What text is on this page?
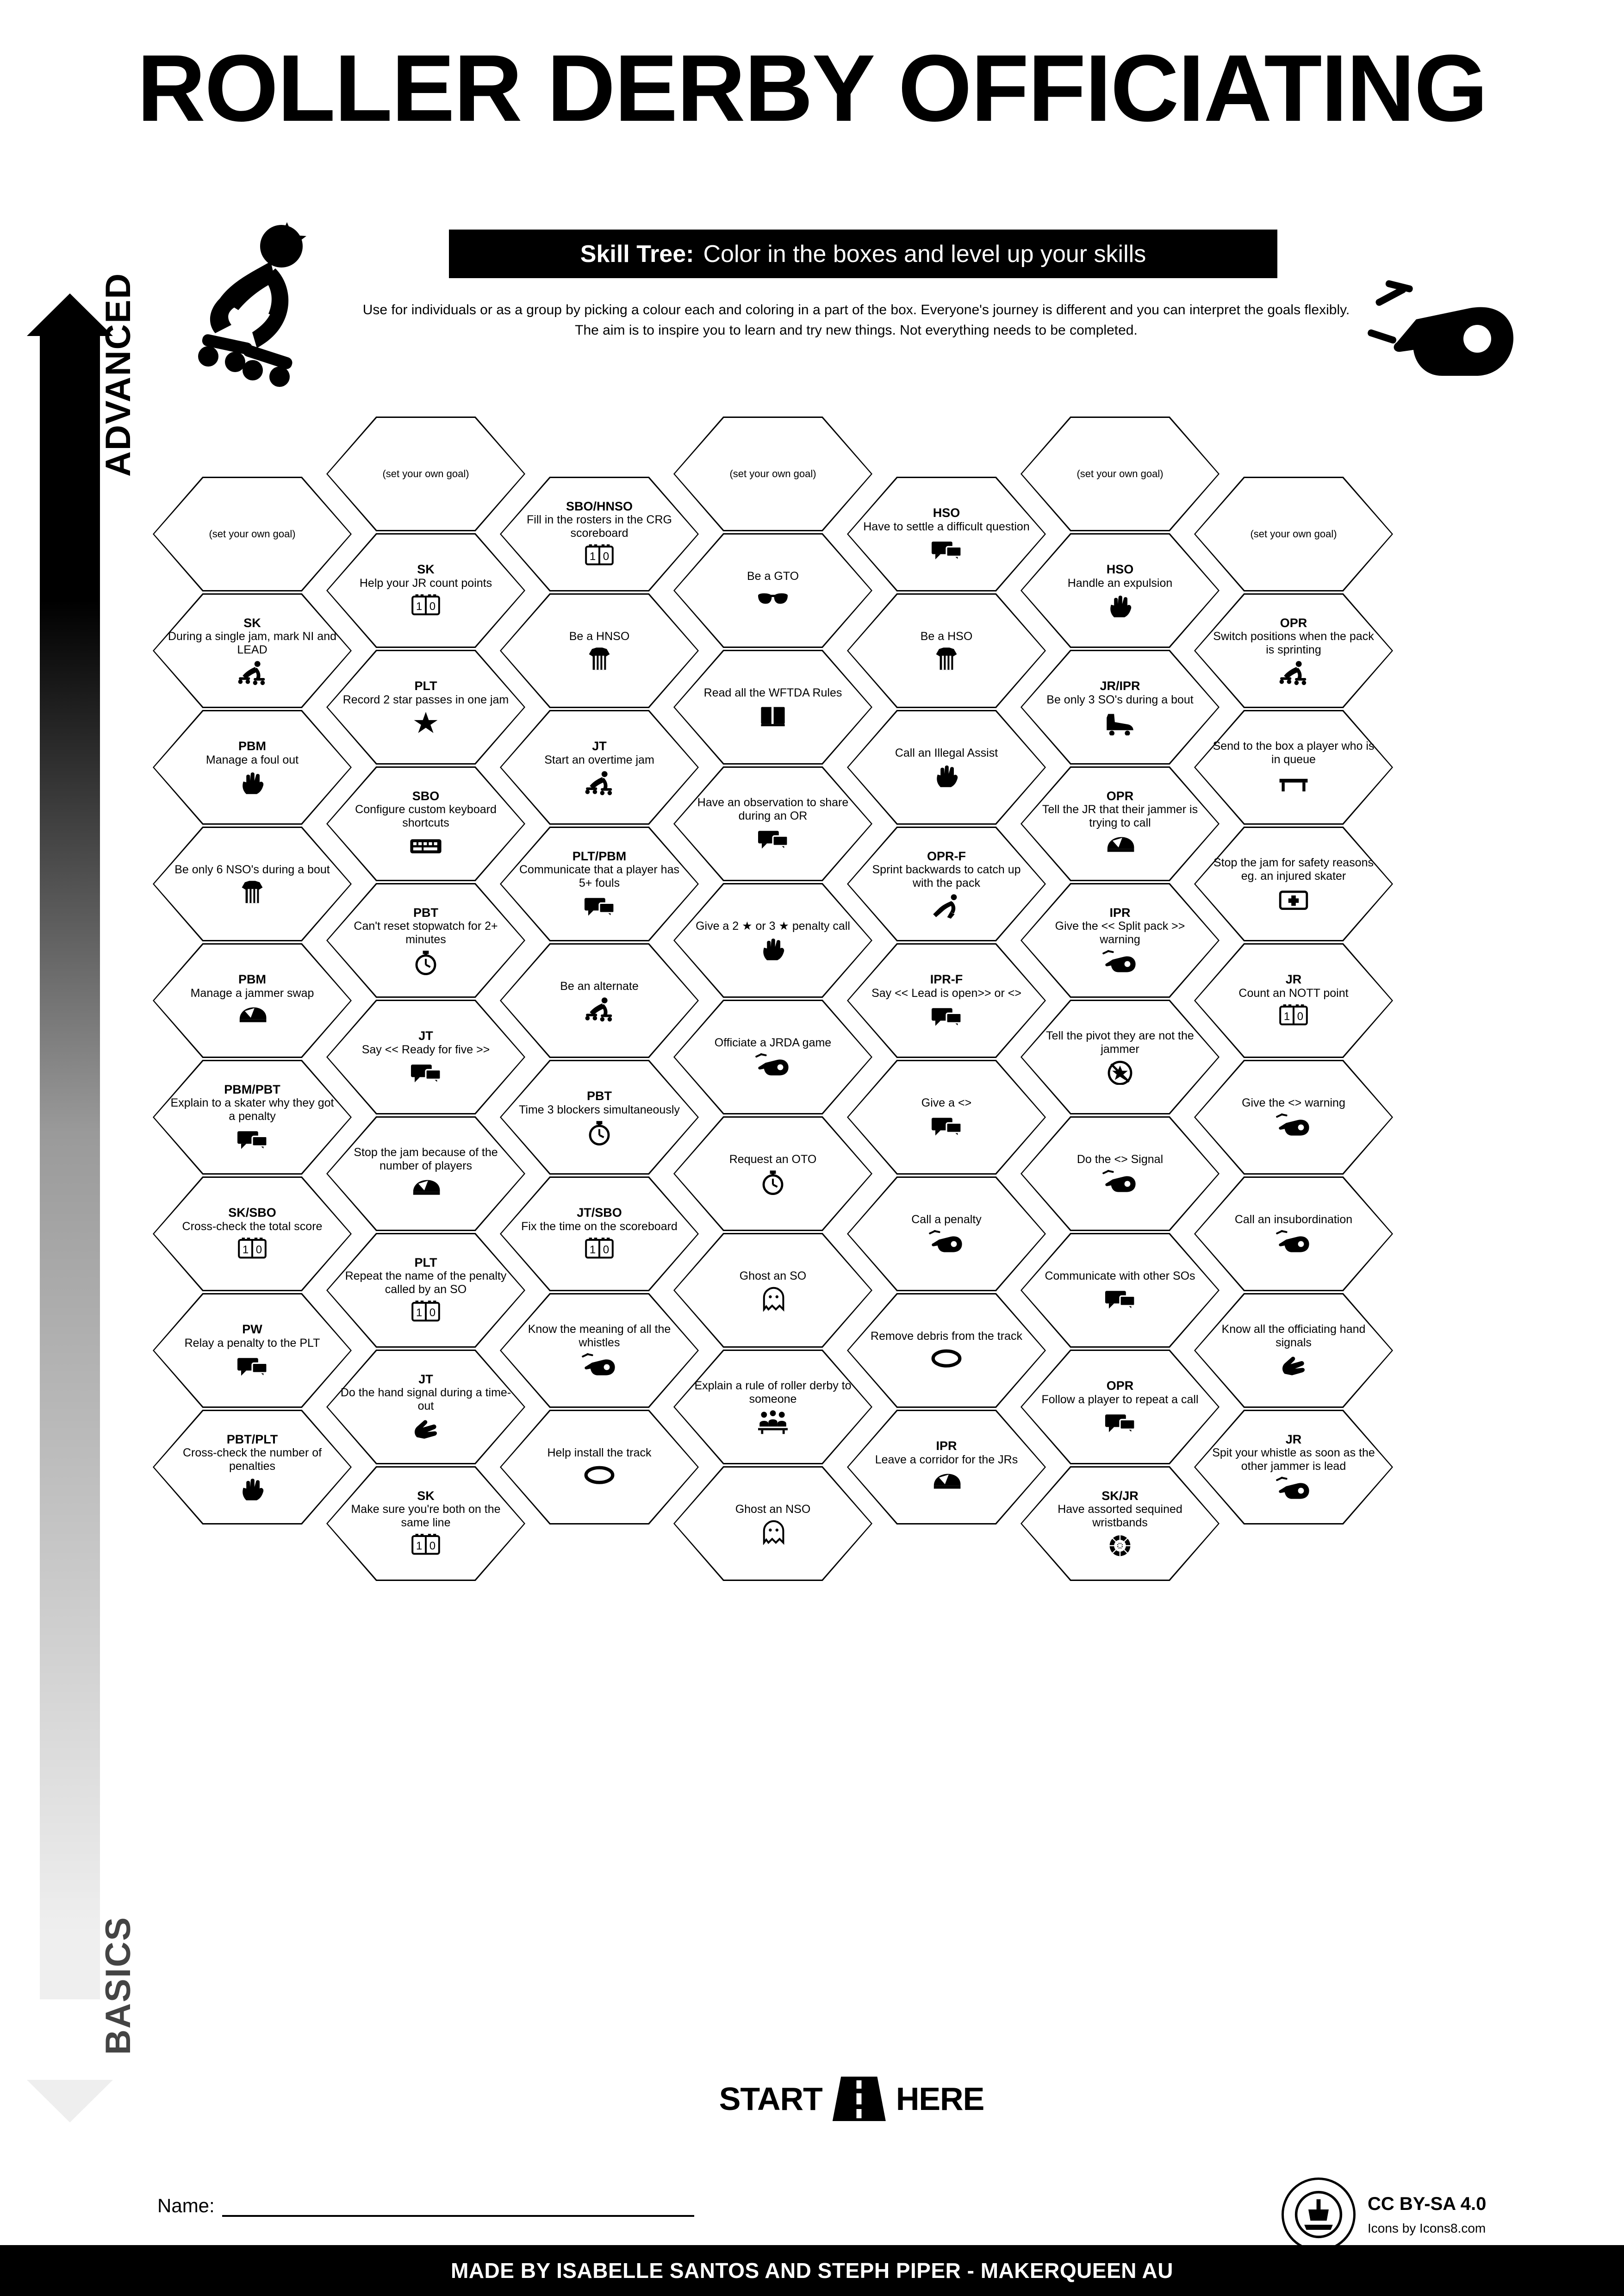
ROLLER DERBY OFFICIATING
Skill Tree: Color in the boxes and level up your skills
Use for individuals or as a group by picking a colour each and coloring in a part of the box. Everyone's journey is different and you can interpret the goals flexibly. The aim is to inspire you to learn and try new things. Not everything needs to be completed.
ADVANCED
BASICS
(set your own goal)
SK
During a single jam, mark NI and LEAD
PBM
Manage a foul out
Be only 6 NSO's during a bout
PBM
Manage a jammer swap
PBM/PBT
Explain to a skater why they got a penalty
SK/SBO
Cross-check the total score
1 0
PW
Relay a penalty to the PLT
PBT/PLT
Cross-check the number of penalties
(set your own goal)
SK
Help your JR count points
1 0
PLT
Record 2 star passes in one jam
SBO
Configure custom keyboard shortcuts
PBT
Can't reset stopwatch for 2+ minutes
JT
Say << Ready for five >>
Stop the jam because of the number of players
PLT
Repeat the name of the penalty called by an SO
1 0
JT
Do the hand signal during a time-out
SK
Make sure you're both on the same line
1 0
SBO/HNSO
Fill in the rosters in the CRG scoreboard
1 0
Be a HNSO
JT
Start an overtime jam
PLT/PBM
Communicate that a player has 5+ fouls
Be an alternate
PBT
Time 3 blockers simultaneously
JT/SBO
Fix the time on the scoreboard
1 0
Know the meaning of all the whistles
Help install the track
(set your own goal)
Be a GTO
Read all the WFTDA Rules
Have an observation to share during an OR
Give a 2 ★ or 3 ★ penalty call
Officiate a JRDA game
Request an OTO
Ghost an SO
Explain a rule of roller derby to someone
Ghost an NSO
HSO
Have to settle a difficult question
Be a HSO
Call an Illegal Assist
OPR-F
Sprint backwards to catch up with the pack
IPR-F
Say << Lead is open>> or <>
Give a <>
Call a penalty
Remove debris from the track
IPR
Leave a corridor for the JRs
(set your own goal)
HSO
Handle an expulsion
JR/IPR
Be only 3 SO's during a bout
OPR
Tell the JR that their jammer is trying to call
IPR
Give the << Split pack >> warning
Tell the pivot they are not the jammer
Do the <> Signal
Communicate with other SOs
OPR
Follow a player to repeat a call
SK/JR
Have assorted sequined wristbands
(set your own goal)
OPR
Switch positions when the pack is sprinting
Send to the box a player who is in queue
Stop the jam for safety reasons eg. an injured skater
JR
Count an NOTT point
1 0
Give the <> warning
Call an insubordination
Know all the officiating hand signals
JR
Spit your whistle as soon as the other jammer is lead
START HERE
Name:	CC BY-SA 4.0
Icons by Icons8.com
MADE BY ISABELLE SANTOS AND STEPH PIPER - MAKERQUEEN AU
